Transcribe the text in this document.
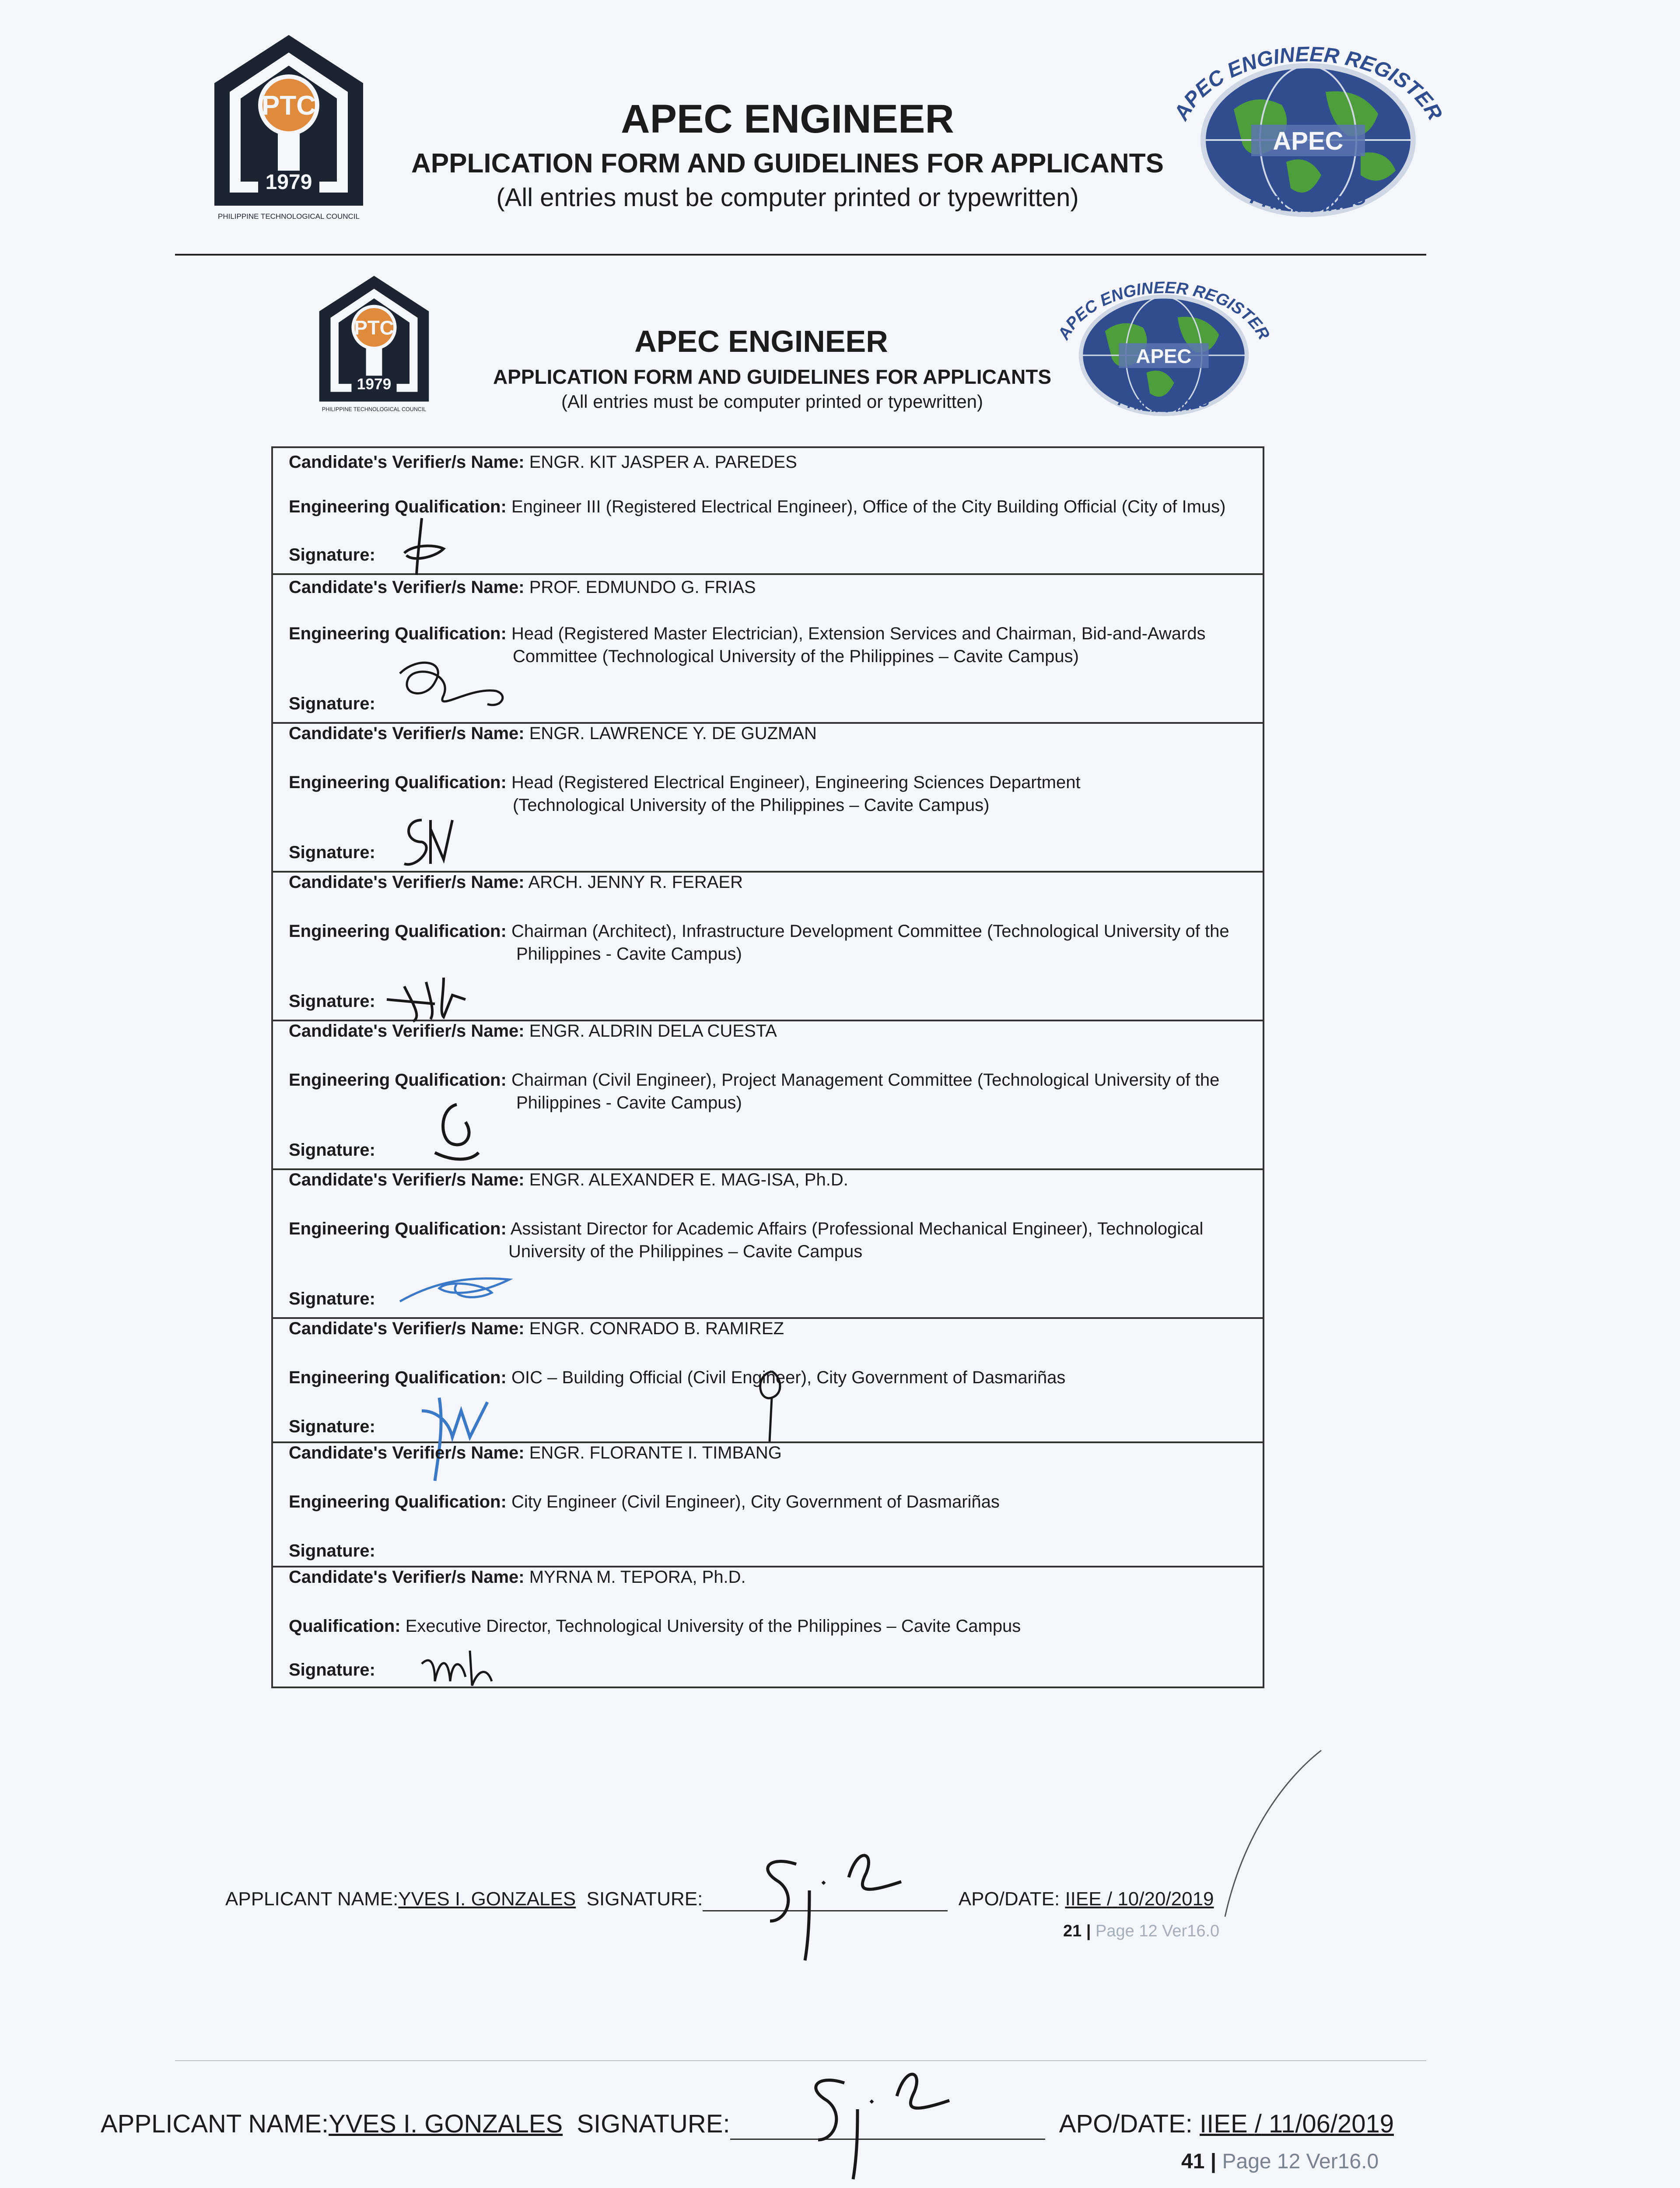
PTC
1979
PHILIPPINE TECHNOLOGICAL COUNCIL
APEC ENGINEER
APPLICATION FORM AND GUIDELINES FOR APPLICANTS
(All entries must be computer printed or typewritten)
APEC
APEC ENGINEER REGISTER
PHILIPPINES
PTC
1979
PHILIPPINE TECHNOLOGICAL COUNCIL
APEC ENGINEER
APPLICATION FORM AND GUIDELINES FOR APPLICANTS
(All entries must be computer printed or typewritten)
APEC
APEC ENGINEER REGISTER
PHILIPPINES
Candidate's Verifier/s Name: ENGR. KIT JASPER A. PAREDES
Engineering Qualification: Engineer III (Registered Electrical Engineer), Office of the City Building Official (City of Imus)
Signature:
Candidate's Verifier/s Name: PROF. EDMUNDO G. FRIAS
Engineering Qualification: Head (Registered Master Electrician), Extension Services and Chairman, Bid-and-Awards
Committee (Technological University of the Philippines – Cavite Campus)
Signature:
Candidate's Verifier/s Name: ENGR. LAWRENCE Y. DE GUZMAN
Engineering Qualification: Head (Registered Electrical Engineer), Engineering Sciences Department
(Technological University of the Philippines – Cavite Campus)
Signature:
Candidate's Verifier/s Name: ARCH. JENNY R. FERAER
Engineering Qualification: Chairman (Architect), Infrastructure Development Committee (Technological University of the
Philippines - Cavite Campus)
Signature:
Candidate's Verifier/s Name: ENGR. ALDRIN DELA CUESTA
Engineering Qualification: Chairman (Civil Engineer), Project Management Committee (Technological University of the
Philippines - Cavite Campus)
Signature:
Candidate's Verifier/s Name: ENGR. ALEXANDER E. MAG-ISA, Ph.D.
Engineering Qualification: Assistant Director for Academic Affairs (Professional Mechanical Engineer), Technological
University of the Philippines – Cavite Campus
Signature:
Candidate's Verifier/s Name: ENGR. CONRADO B. RAMIREZ
Engineering Qualification: OIC – Building Official (Civil Engineer), City Government of Dasmariñas
Signature:
Candidate's Verifier/s Name: ENGR. FLORANTE I. TIMBANG
Engineering Qualification: City Engineer (Civil Engineer), City Government of Dasmariñas
Signature:
Candidate's Verifier/s Name: MYRNA M. TEPORA, Ph.D.
Qualification: Executive Director, Technological University of the Philippines – Cavite Campus
Signature:
APPLICANT NAME:YVES I. GONZALES SIGNATURE:	APO/DATE: IIEE / 10/20/2019
21 | Page 12 Ver16.0
APPLICANT NAME:YVES I. GONZALES SIGNATURE:	APO/DATE: IIEE / 11/06/2019
41 | Page 12 Ver16.0
